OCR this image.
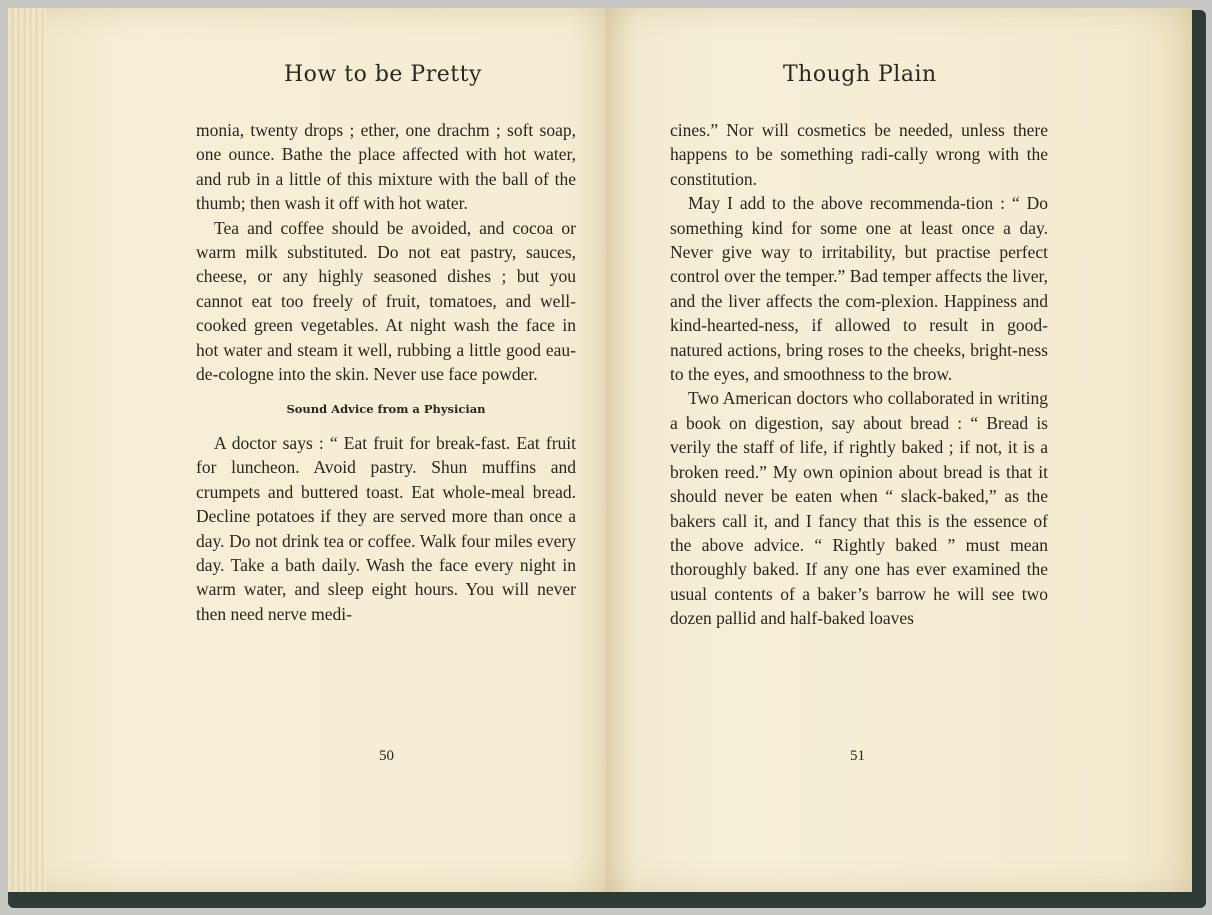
How to be Pretty

monia, twenty drops ; ether, one drachm ; soft soap, one ounce. Bathe the place affected with hot water, and rub in a little of this mixture with the ball of the thumb; then wash it off with hot water.

Tea and coffee should be avoided, and cocoa or warm milk substituted. Do not eat pastry, sauces, cheese, or any highly seasoned dishes ; but you cannot eat too freely of fruit, tomatoes, and well-cooked green vegetables. At night wash the face in hot water and steam it well, rubbing a little good eau-de-cologne into the skin. Never use face powder.

Sound Advice from a Physician

A doctor says : “ Eat fruit for break-fast. Eat fruit for luncheon. Avoid pastry. Shun muffins and crumpets and buttered toast. Eat whole-meal bread. Decline potatoes if they are served more than once a day. Do not drink tea or coffee. Walk four miles every day. Take a bath daily. Wash the face every night in warm water, and sleep eight hours. You will never then need nerve medi-

50
Though Plain

cines.” Nor will cosmetics be needed, unless there happens to be something radi-cally wrong with the constitution.

May I add to the above recommenda-tion : “ Do something kind for some one at least once a day. Never give way to irritability, but practise perfect control over the temper.” Bad temper affects the liver, and the liver affects the com-plexion. Happiness and kind-hearted-ness, if allowed to result in good-natured actions, bring roses to the cheeks, bright-ness to the eyes, and smoothness to the brow.

Two American doctors who collaborated in writing a book on digestion, say about bread : “ Bread is verily the staff of life, if rightly baked ; if not, it is a broken reed.” My own opinion about bread is that it should never be eaten when “ slack-baked,” as the bakers call it, and I fancy that this is the essence of the above advice. “ Rightly baked ” must mean thoroughly baked. If any one has ever examined the usual contents of a baker’s barrow he will see two dozen pallid and half-baked loaves

51
